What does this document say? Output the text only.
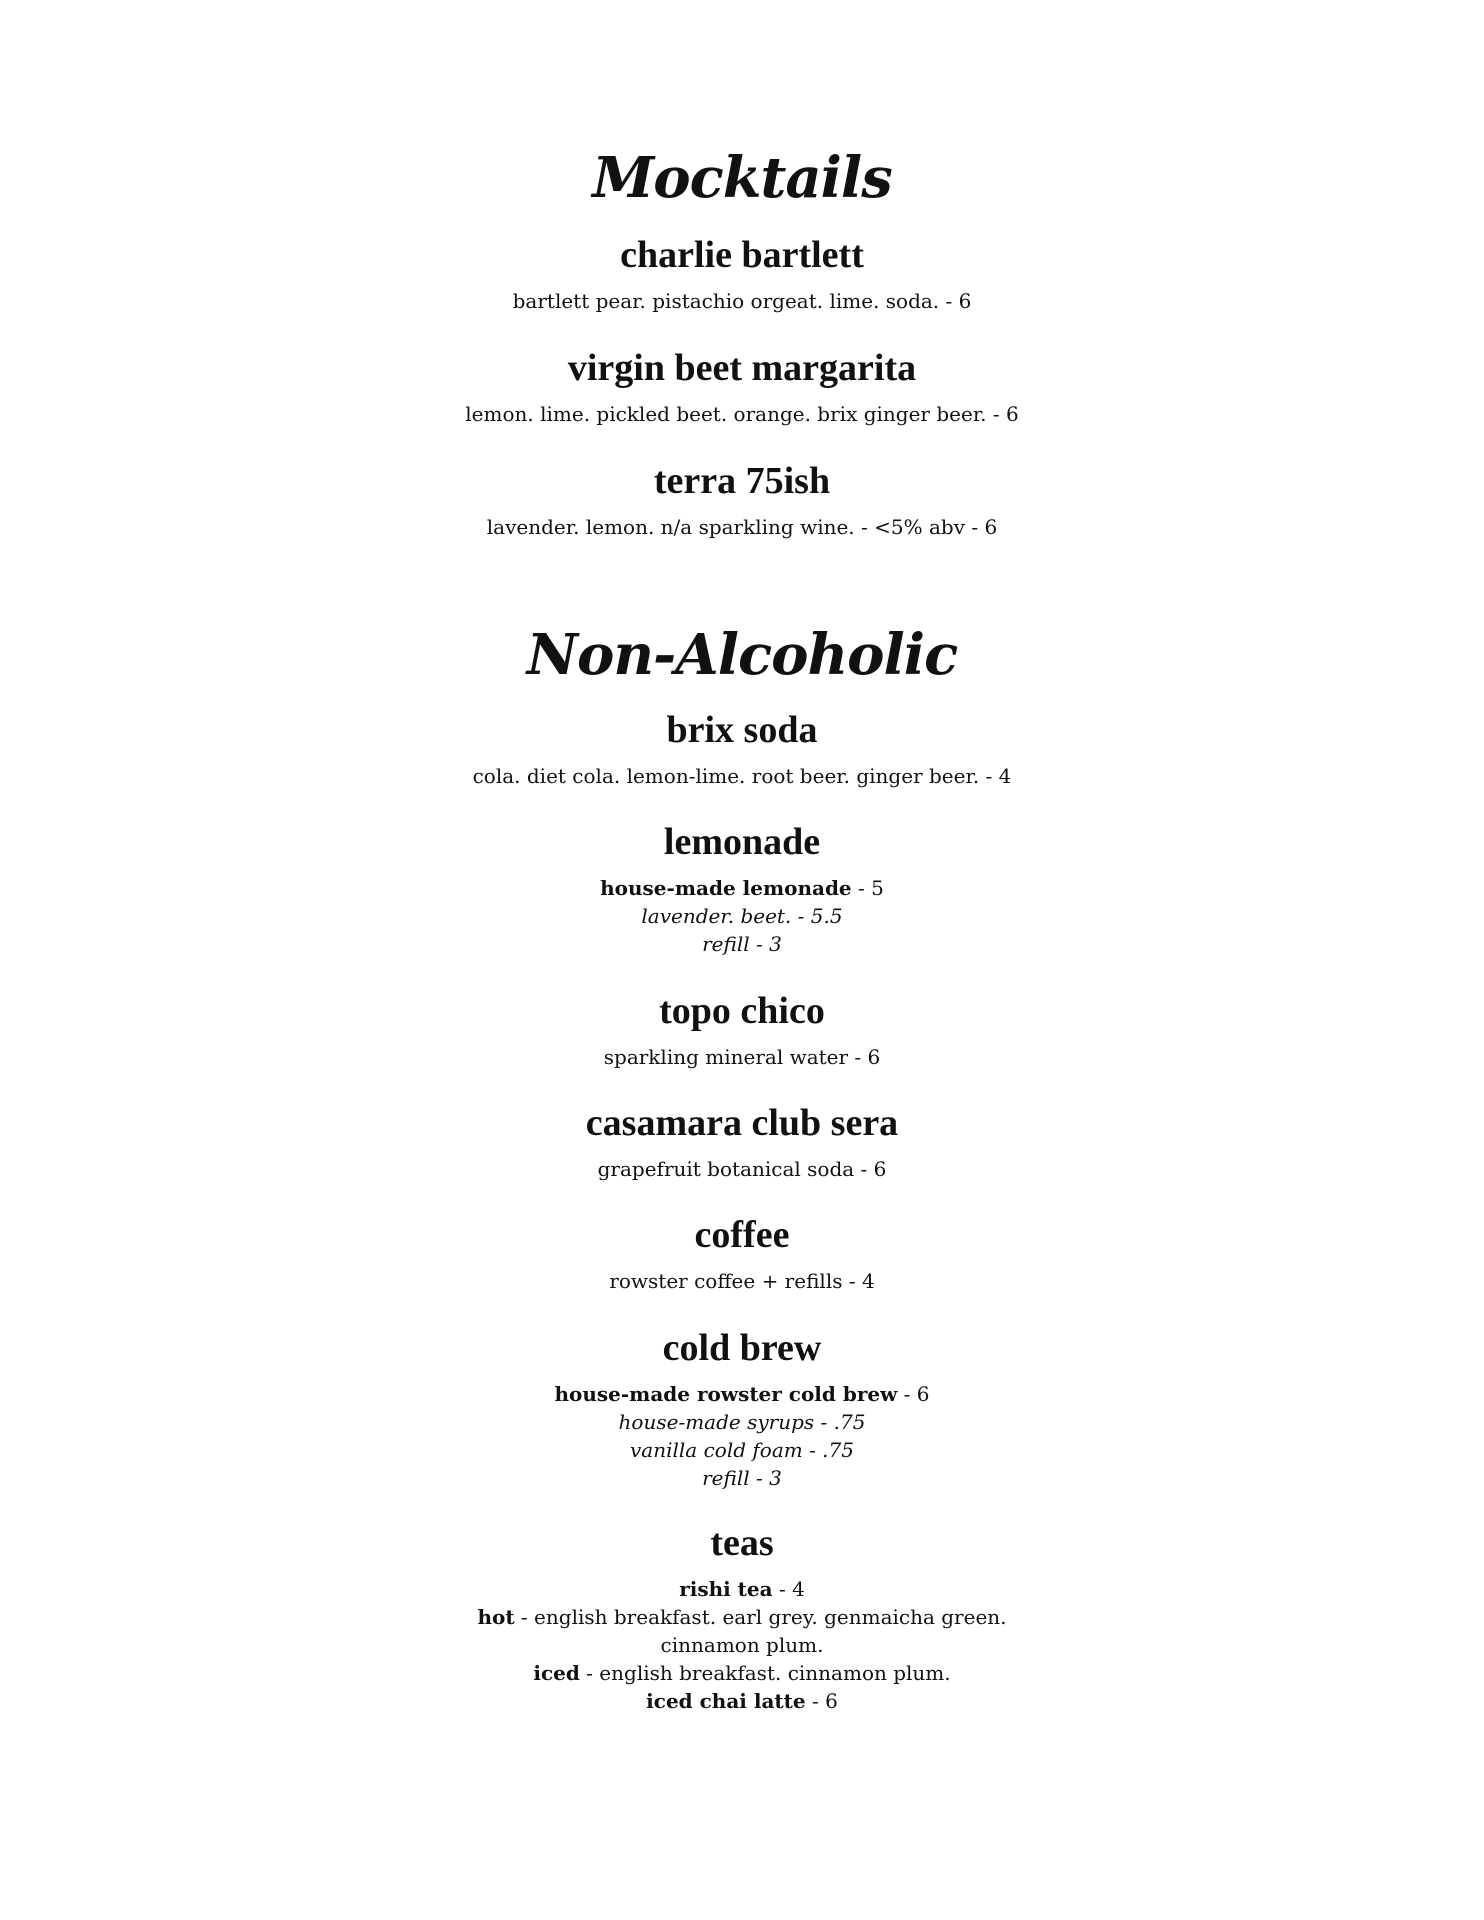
Mocktails
charlie bartlett

bartlett pear. pistachio orgeat. lime. soda. - 6

virgin beet margarita

lemon. lime. pickled beet. orange. brix ginger beer. - 6

terra 75ish

lavender. lemon. n/a sparkling wine. - <5% abv - 6

Non-Alcoholic
brix soda

cola. diet cola. lemon-lime. root beer. ginger beer. - 4

lemonade

house-made lemonade - 5

lavender. beet. - 5.5

refill - 3

topo chico

sparkling mineral water - 6

casamara club sera

grapefruit botanical soda - 6

coffee

rowster coffee + refills - 4

cold brew

house-made rowster cold brew - 6

house-made syrups - .75

vanilla cold foam - .75

refill - 3

teas

rishi tea - 4

hot - english breakfast. earl grey. genmaicha green.

cinnamon plum.

iced - english breakfast. cinnamon plum.

iced chai latte - 6
